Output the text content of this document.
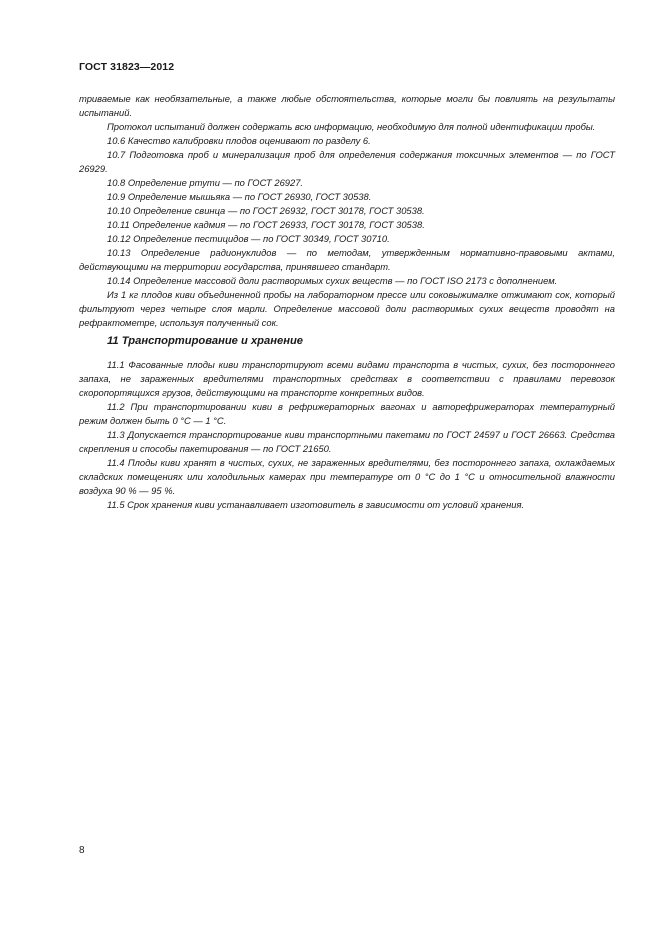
ГОСТ 31823—2012

триваемые как необязательные, а также любые обстоятельства, которые могли бы повлиять на результаты испытаний.

Протокол испытаний должен содержать всю информацию, необходимую для полной идентификации пробы.

10.6 Качество калибровки плодов оценивают по разделу 6.

10.7 Подготовка проб и минерализация проб для определения содержания токсичных элементов — по ГОСТ 26929.

10.8 Определение ртути — по ГОСТ 26927.

10.9 Определение мышьяка — по ГОСТ 26930, ГОСТ 30538.

10.10 Определение свинца — по ГОСТ 26932, ГОСТ 30178, ГОСТ 30538.

10.11 Определение кадмия — по ГОСТ 26933, ГОСТ 30178, ГОСТ 30538.

10.12 Определение пестицидов — по ГОСТ 30349, ГОСТ 30710.

10.13 Определение радионуклидов — по методам, утвержденным нормативно-правовыми актами, действующими на территории государства, принявшего стандарт.

10.14 Определение массовой доли растворимых сухих веществ — по ГОСТ ISO 2173 с дополнением.

Из 1 кг плодов киви объединенной пробы на лабораторном прессе или соковыжималке отжимают сок, который фильтруют через четыре слоя марли. Определение массовой доли растворимых сухих веществ проводят на рефрактометре, используя полученный сок.

11 Транспортирование и хранение

11.1 Фасованные плоды киви транспортируют всеми видами транспорта в чистых, сухих, без постороннего запаха, не зараженных вредителями транспортных средствах в соответствии с правилами перевозок скоропортящихся грузов, действующими на транспорте конкретных видов.

11.2 При транспортировании киви в рефрижераторных вагонах и авторефрижераторах температурный режим должен быть 0 °С — 1 °С.

11.3 Допускается транспортирование киви транспортными пакетами по ГОСТ 24597 и ГОСТ 26663. Средства скрепления и способы пакетирования — по ГОСТ 21650.

11.4 Плоды киви хранят в чистых, сухих, не зараженных вредителями, без постороннего запаха, охлаждаемых складских помещениях или холодильных камерах при температуре от 0 °С до 1 °С и относительной влажности воздуха 90 % — 95 %.

11.5 Срок хранения киви устанавливает изготовитель в зависимости от условий хранения.

8
